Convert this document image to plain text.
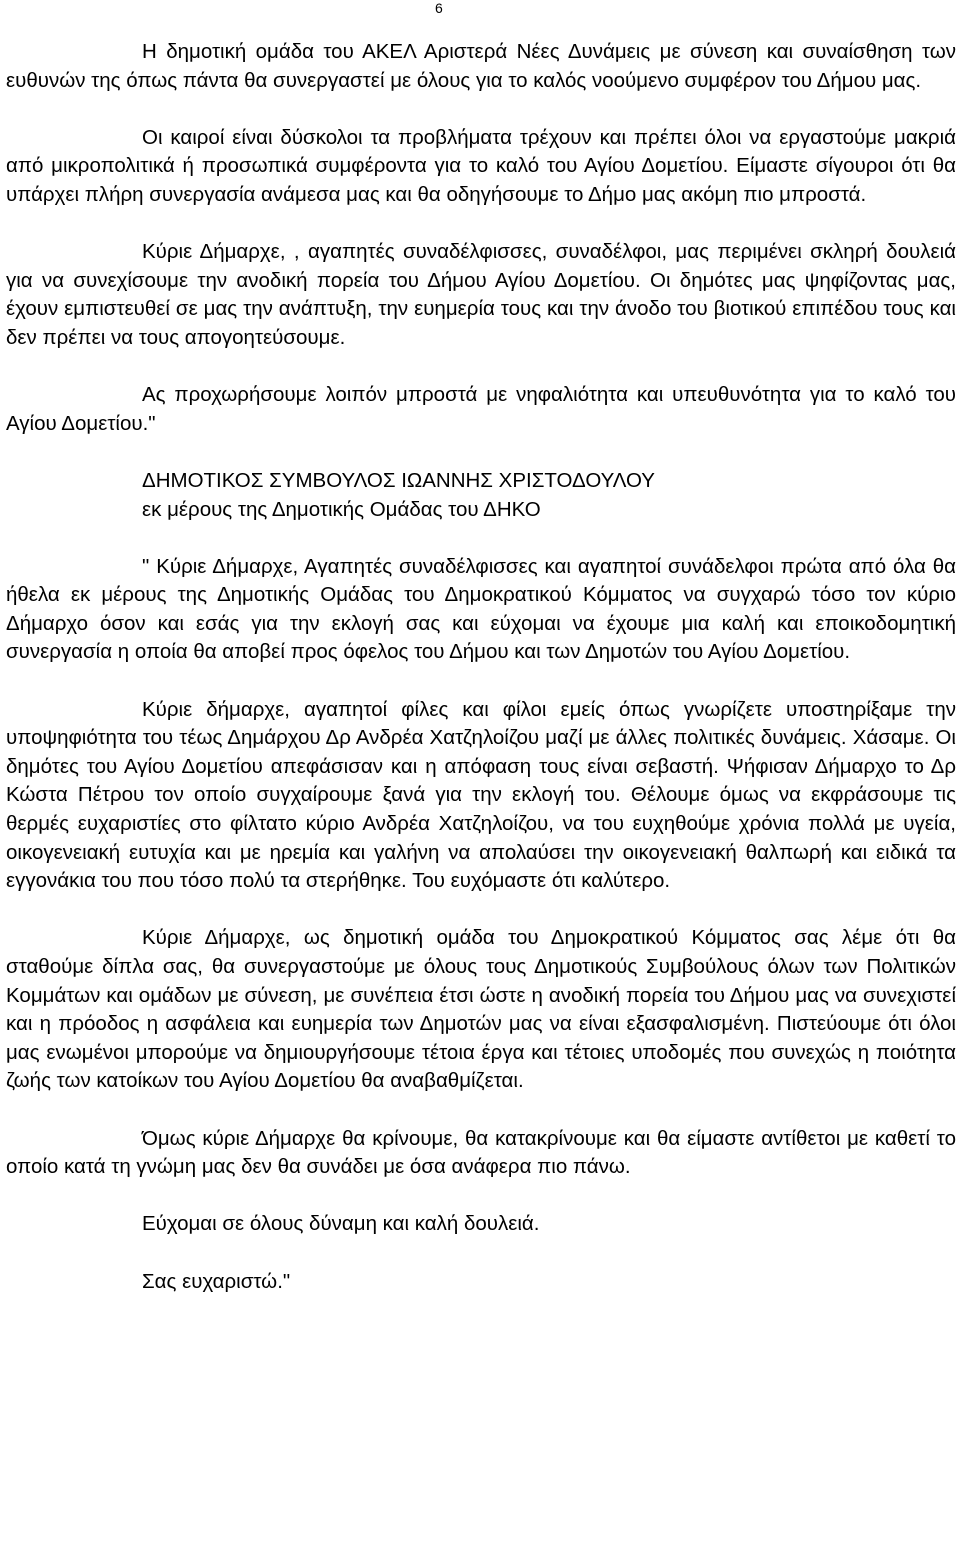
6

Η δημοτική ομάδα του ΑΚΕΛ Αριστερά Νέες Δυνάμεις με σύνεση και συναίσθηση των ευθυνών της όπως πάντα θα συνεργαστεί με όλους για το καλός νοούμενο συμφέρον του Δήμου μας.

Οι καιροί είναι δύσκολοι τα προβλήματα τρέχουν και πρέπει όλοι να εργαστούμε μακριά από μικροπολιτικά ή προσωπικά συμφέροντα για το καλό του Αγίου Δομετίου. Είμαστε σίγουροι ότι θα υπάρχει πλήρη συνεργασία ανάμεσα μας και θα οδηγήσουμε το Δήμο μας ακόμη πιο μπροστά.

Κύριε Δήμαρχε, , αγαπητές συναδέλφισσες, συναδέλφοι, μας περιμένει σκληρή δουλειά για να συνεχίσουμε την ανοδική πορεία του Δήμου Αγίου Δομετίου. Οι δημότες μας ψηφίζοντας μας, έχουν εμπιστευθεί σε μας την ανάπτυξη, την ευημερία τους και την άνοδο του βιοτικού επιπέδου τους και δεν πρέπει να τους απογοητεύσουμε.

Ας προχωρήσουμε λοιπόν μπροστά με νηφαλιότητα και υπευθυνότητα για το καλό του Αγίου Δομετίου."

ΔΗΜΟΤΙΚΟΣ ΣΥΜΒΟΥΛΟΣ ΙΩΑΝΝΗΣ ΧΡΙΣΤΟΔΟΥΛΟΥ
εκ μέρους της Δημοτικής Ομάδας του ΔΗΚΟ

" Κύριε Δήμαρχε, Αγαπητές συναδέλφισσες και αγαπητοί συνάδελφοι πρώτα από όλα θα ήθελα εκ μέρους της Δημοτικής Ομάδας του Δημοκρατικού Κόμματος να συγχαρώ τόσο τον κύριο Δήμαρχο όσον και εσάς για την εκλογή σας και εύχομαι να έχουμε μια καλή και εποικοδομητική συνεργασία η οποία θα αποβεί προς όφελος του Δήμου και των Δημοτών του Αγίου Δομετίου.

Κύριε δήμαρχε, αγαπητοί φίλες και φίλοι εμείς όπως γνωρίζετε υποστηρίξαμε την υποψηφιότητα του τέως Δημάρχου Δρ Ανδρέα Χατζηλοίζου μαζί με άλλες πολιτικές δυνάμεις. Χάσαμε. Οι δημότες του Αγίου Δομετίου απεφάσισαν και η απόφαση τους είναι σεβαστή. Ψήφισαν Δήμαρχο το Δρ Κώστα Πέτρου τον οποίο συγχαίρουμε ξανά για την εκλογή του. Θέλουμε όμως να εκφράσουμε τις θερμές ευχαριστίες στο φίλτατο κύριο Ανδρέα Χατζηλοίζου, να του ευχηθούμε χρόνια πολλά με υγεία, οικογενειακή ευτυχία και με ηρεμία και γαλήνη να απολαύσει την οικογενειακή θαλπωρή και ειδικά τα εγγονάκια του που τόσο πολύ τα στερήθηκε. Του ευχόμαστε ότι καλύτερο.

Κύριε Δήμαρχε, ως δημοτική ομάδα του Δημοκρατικού Κόμματος σας λέμε ότι θα σταθούμε δίπλα σας, θα συνεργαστούμε με όλους τους Δημοτικούς Συμβούλους όλων των Πολιτικών Κομμάτων και ομάδων με σύνεση, με συνέπεια έτσι ώστε η ανοδική πορεία του Δήμου μας να συνεχιστεί και η πρόοδος η ασφάλεια και ευημερία των Δημοτών μας να είναι εξασφαλισμένη. Πιστεύουμε ότι όλοι μας ενωμένοι μπορούμε να δημιουργήσουμε τέτοια έργα και τέτοιες υποδομές που συνεχώς η ποιότητα ζωής των κατοίκων του Αγίου Δομετίου θα αναβαθμίζεται.

Όμως κύριε Δήμαρχε θα κρίνουμε, θα κατακρίνουμε και θα είμαστε αντίθετοι με καθετί το οποίο κατά τη γνώμη μας δεν θα συνάδει με όσα ανάφερα πιο πάνω.

Εύχομαι σε όλους δύναμη και καλή δουλειά.

Σας ευχαριστώ."
